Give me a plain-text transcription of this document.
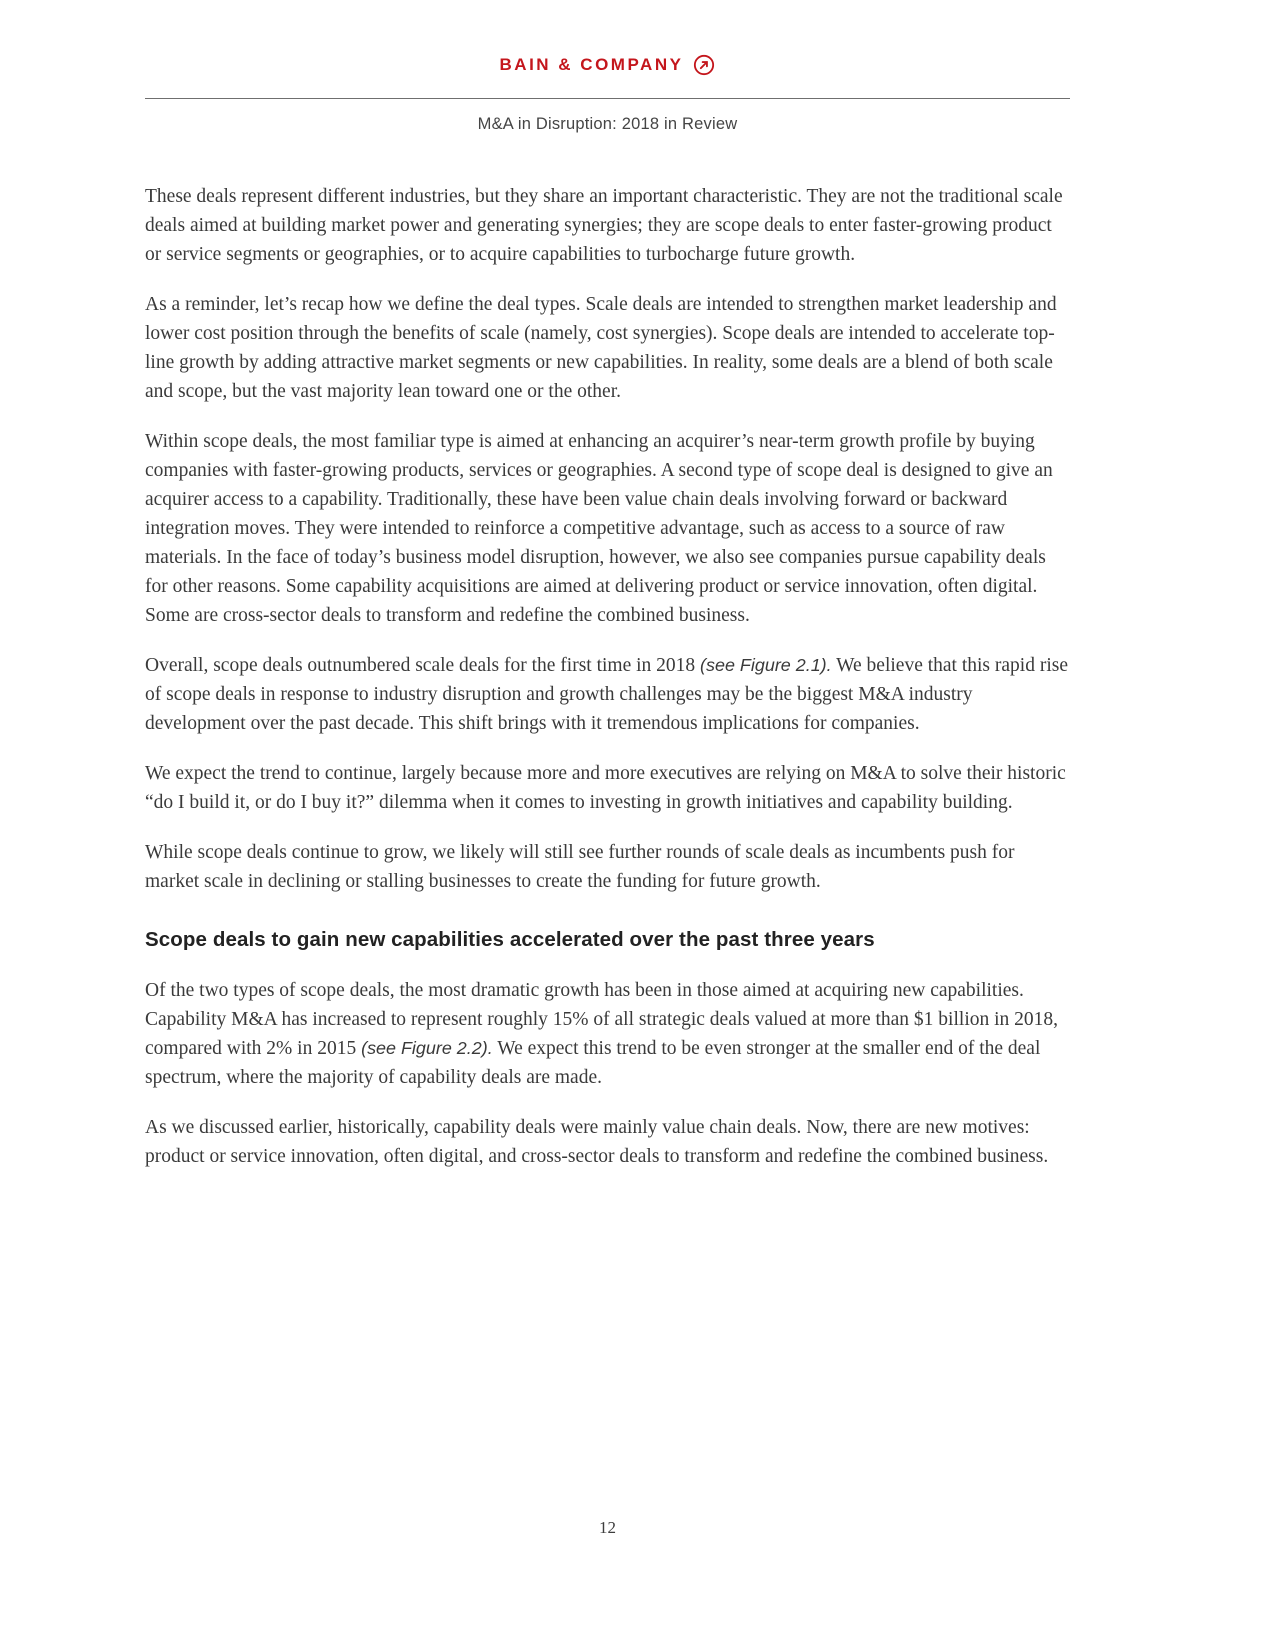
BAIN & COMPANY
M&A in Disruption: 2018 in Review

These deals represent different industries, but they share an important characteristic. They are not the traditional scale deals aimed at building market power and generating synergies; they are scope deals to enter faster-growing product or service segments or geographies, or to acquire capabilities to turbocharge future growth.

As a reminder, let’s recap how we define the deal types. Scale deals are intended to strengthen market leadership and lower cost position through the benefits of scale (namely, cost synergies). Scope deals are intended to accelerate top-line growth by adding attractive market segments or new capabilities. In reality, some deals are a blend of both scale and scope, but the vast majority lean toward one or the other.

Within scope deals, the most familiar type is aimed at enhancing an acquirer’s near-term growth profile by buying companies with faster-growing products, services or geographies. A second type of scope deal is designed to give an acquirer access to a capability. Traditionally, these have been value chain deals involving forward or backward integration moves. They were intended to reinforce a competitive advantage, such as access to a source of raw materials. In the face of today’s business model disruption, however, we also see companies pursue capability deals for other reasons. Some capability acquisitions are aimed at delivering product or service innovation, often digital. Some are cross-sector deals to transform and redefine the combined business.

Overall, scope deals outnumbered scale deals for the first time in 2018 (see Figure 2.1). We believe that this rapid rise of scope deals in response to industry disruption and growth challenges may be the biggest M&A industry development over the past decade. This shift brings with it tremendous implications for companies.

We expect the trend to continue, largely because more and more executives are relying on M&A to solve their historic “do I build it, or do I buy it?” dilemma when it comes to investing in growth initiatives and capability building.

While scope deals continue to grow, we likely will still see further rounds of scale deals as incumbents push for market scale in declining or stalling businesses to create the funding for future growth.

Scope deals to gain new capabilities accelerated over the past three years

Of the two types of scope deals, the most dramatic growth has been in those aimed at acquiring new capabilities. Capability M&A has increased to represent roughly 15% of all strategic deals valued at more than $1 billion in 2018, compared with 2% in 2015 (see Figure 2.2). We expect this trend to be even stronger at the smaller end of the deal spectrum, where the majority of capability deals are made.

As we discussed earlier, historically, capability deals were mainly value chain deals. Now, there are new motives: product or service innovation, often digital, and cross-sector deals to transform and redefine the combined business.

12
